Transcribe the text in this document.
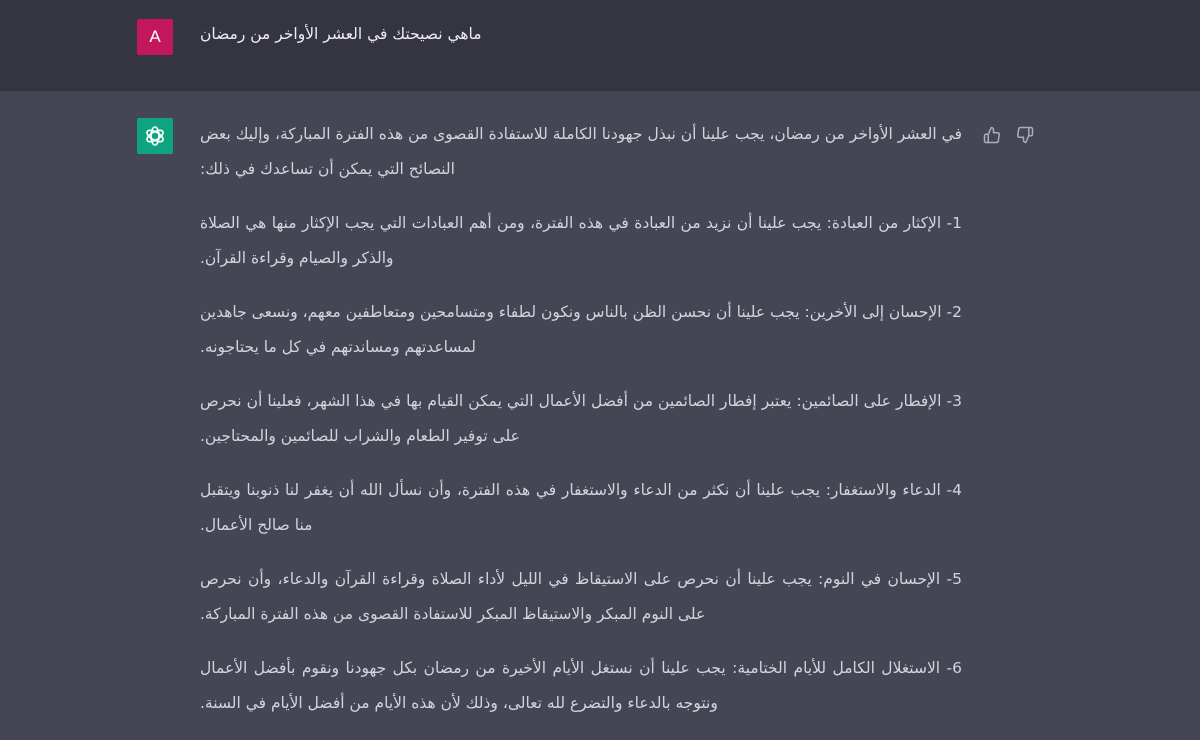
A	ماهي نصيحتك في العشر الأواخر من رمضان

في العشر الأواخر من رمضان، يجب علينا أن نبذل جهودنا الكاملة للاستفادة القصوى من هذه الفترة المباركة، وإليك بعض النصائح التي يمكن أن تساعدك في ذلك:

1- الإكثار من العبادة: يجب علينا أن نزيد من العبادة في هذه الفترة، ومن أهم العبادات التي يجب الإكثار منها هي الصلاة والذكر والصيام وقراءة القرآن.

2- الإحسان إلى الأخرين: يجب علينا أن نحسن الظن بالناس ونكون لطفاء ومتسامحين ومتعاطفين معهم، ونسعى جاهدين لمساعدتهم ومساندتهم في كل ما يحتاجونه.

3- الإفطار على الصائمين: يعتبر إفطار الصائمين من أفضل الأعمال التي يمكن القيام بها في هذا الشهر، فعلينا أن نحرص على توفير الطعام والشراب للصائمين والمحتاجين.

4- الدعاء والاستغفار: يجب علينا أن نكثر من الدعاء والاستغفار في هذه الفترة، وأن نسأل الله أن يغفر لنا ذنوبنا ويتقبل منا صالح الأعمال.

5- الإحسان في النوم: يجب علينا أن نحرص على الاستيقاظ في الليل لأداء الصلاة وقراءة القرآن والدعاء، وأن نحرص على النوم المبكر والاستيقاظ المبكر للاستفادة القصوى من هذه الفترة المباركة.

6- الاستغلال الكامل للأيام الختامية: يجب علينا أن نستغل الأيام الأخيرة من رمضان بكل جهودنا ونقوم بأفضل الأعمال ونتوجه بالدعاء والتضرع لله تعالى، وذلك لأن هذه الأيام من أفضل الأيام في السنة.
